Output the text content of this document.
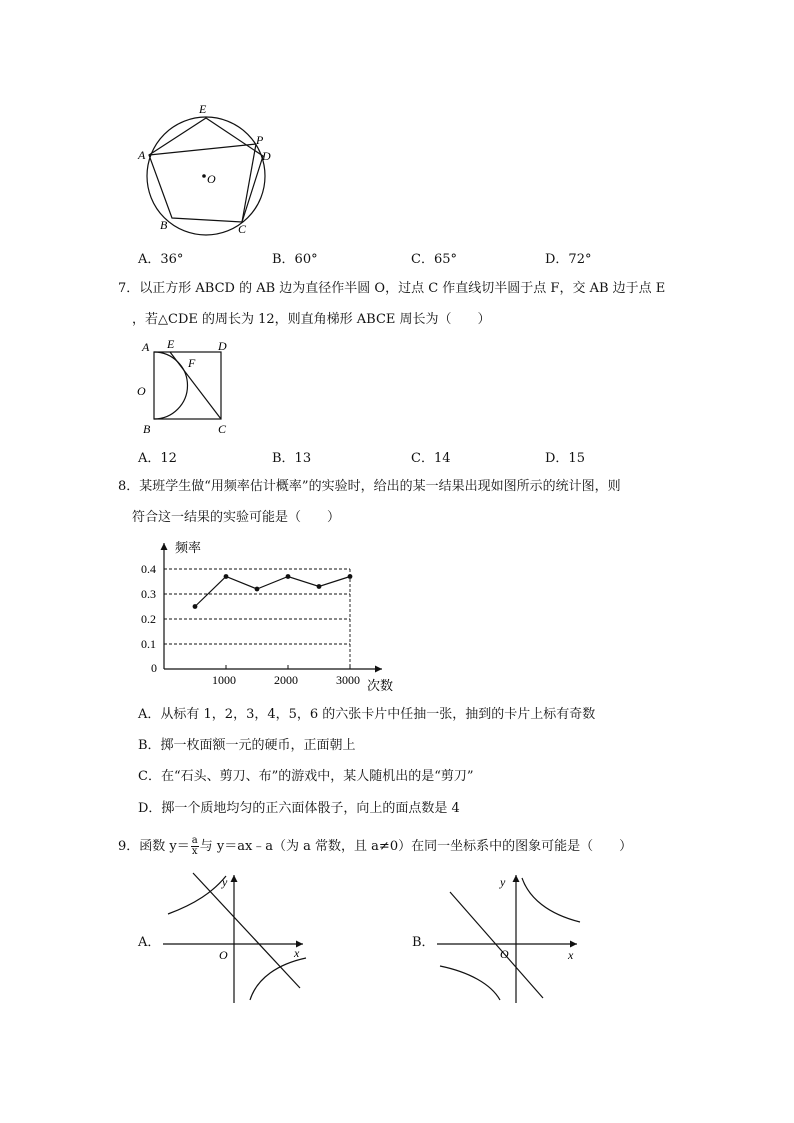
E
P
A	D
O
B	C
A．36°	B．60°	C．65°	D．72°
7．以正方形 ABCD 的 AB 边为直径作半圆 O，过点 C 作直线切半圆于点 F，交 AB 边于点 E
，若△CDE 的周长为 12，则直角梯形 ABCE 周长为（　　）
A E	D
F
O
B	C
A．12	B．13	C．14	D．15
8．某班学生做“用频率估计概率”的实验时，给出的某一结果出现如图所示的统计图，则
符合这一结果的实验可能是（　　）
0
0.1
0.2
0.3
0.4
1000	2000	3000
频率
次数
A．从标有 1，2，3，4，5，6 的六张卡片中任抽一张，抽到的卡片上标有奇数
B．掷一枚面额一元的硬币，正面朝上
C．在“石头、剪刀、布”的游戏中，某人随机出的是“剪刀”
D．掷一个质地均匀的正六面体骰子，向上的面点数是 4
9．函数 $y= \frac{a}{x}$ 与 y＝ax﹣a（为 a 常数，且 a≠0）在同一坐标系中的图象可能是（　　）
A．
y
x
O
B．
y
x
O
